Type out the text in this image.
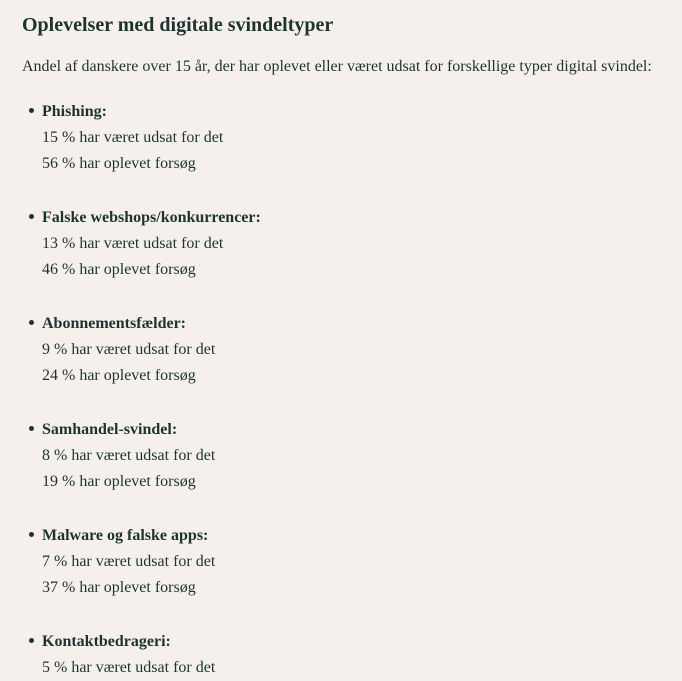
Oplevelser med digitale svindeltyper

Andel af danskere over 15 år, der har oplevet eller været udsat for forskellige typer digital svindel:

Phishing:
15 % har været udsat for det
56 % har oplevet forsøg
Falske webshops/konkurrencer:
13 % har været udsat for det
46 % har oplevet forsøg
Abonnementsfælder:
9 % har været udsat for det
24 % har oplevet forsøg
Samhandel-svindel:
8 % har været udsat for det
19 % har oplevet forsøg
Malware og falske apps:
7 % har været udsat for det
37 % har oplevet forsøg
Kontaktbedrageri:
5 % har været udsat for det
